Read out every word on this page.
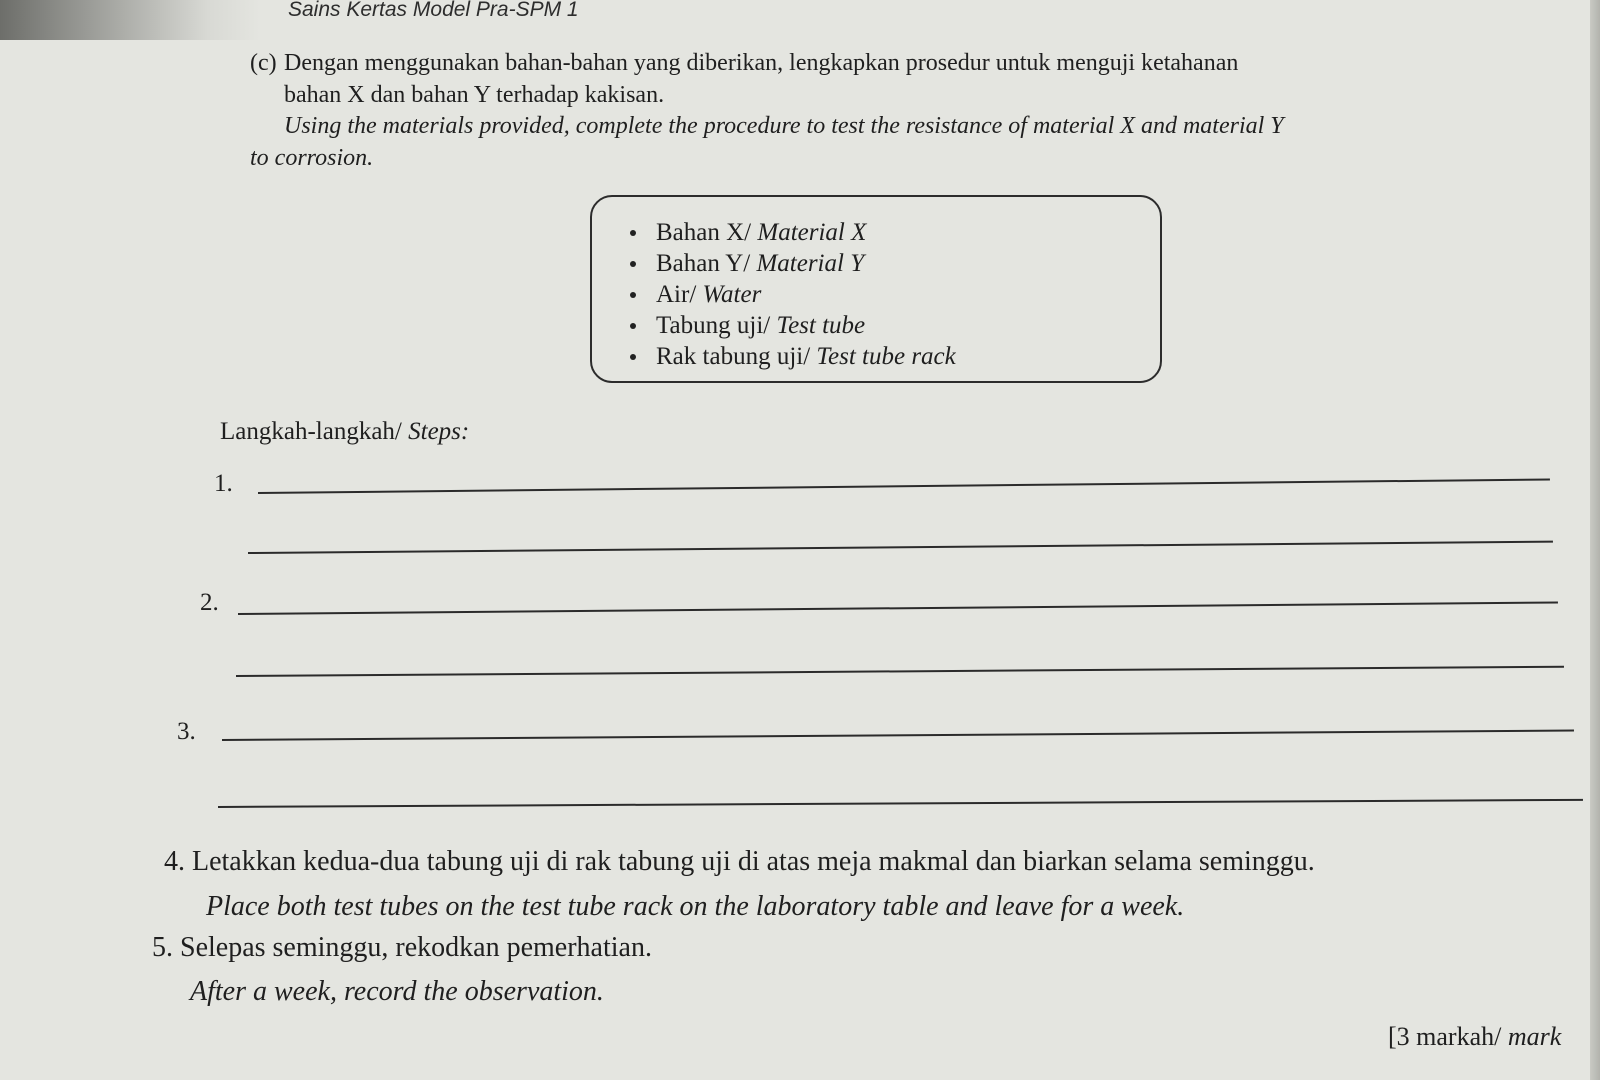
Sains Kertas Model Pra-SPM 1
(c) Dengan menggunakan bahan-bahan yang diberikan, lengkapkan prosedur untuk menguji ketahanan
bahan X dan bahan Y terhadap kakisan.
Using the materials provided, complete the procedure to test the resistance of material X and material Y
to corrosion.
Bahan X/ Material X
Bahan Y/ Material Y
Air/ Water
Tabung uji/ Test tube
Rak tabung uji/ Test tube rack
Langkah-langkah/ Steps:
1.
2.
3.
4. Letakkan kedua-dua tabung uji di rak tabung uji di atas meja makmal dan biarkan selama seminggu.
Place both test tubes on the test tube rack on the laboratory table and leave for a week.
5. Selepas seminggu, rekodkan pemerhatian.
After a week, record the observation.
[3 markah/ mark
